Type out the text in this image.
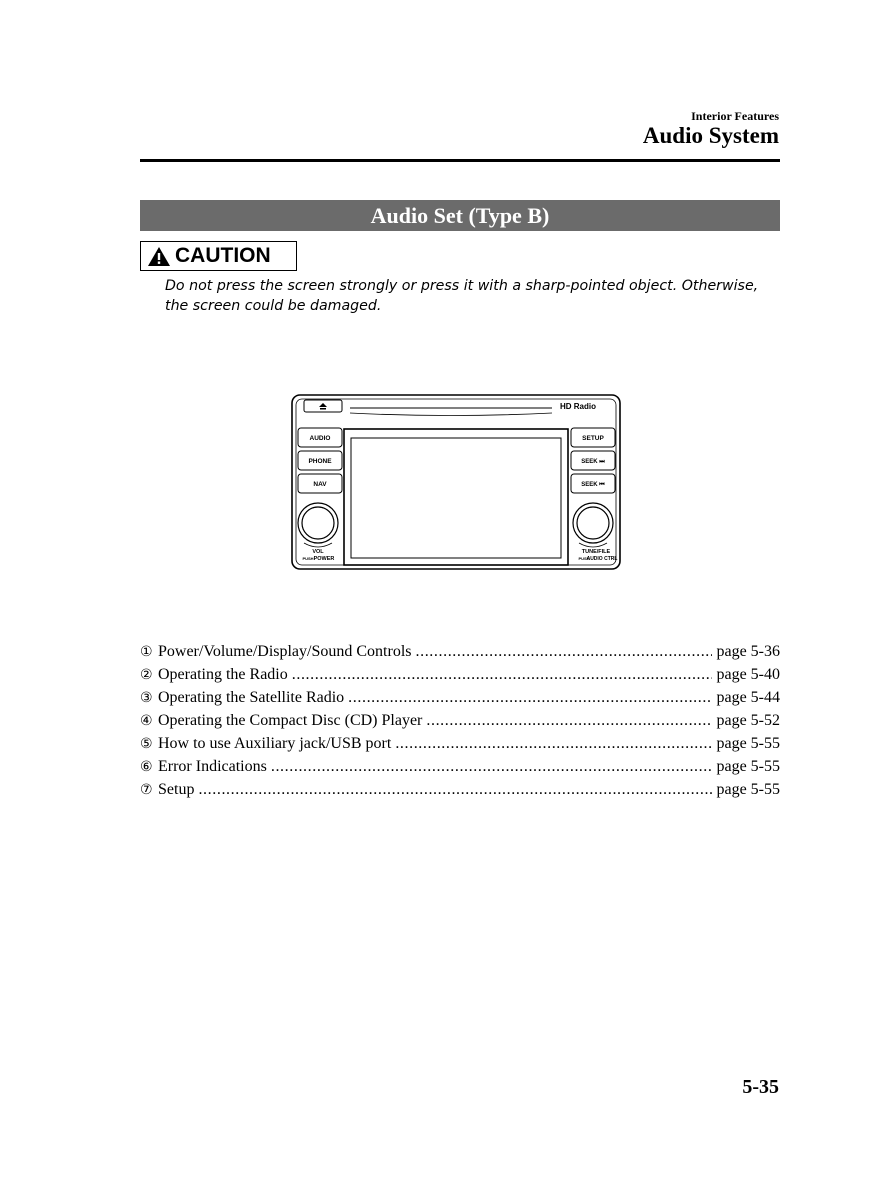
Interior Features
Audio System
Audio Set (Type B)
CAUTION
Do not press the screen strongly or press it with a sharp-pointed object. Otherwise, the screen could be damaged.
HD Radio
AUDIO
PHONE
NAV
SETUP
SEEK ⏭
SEEK ⏮
VOL
PUSH POWER
TUNE/FILE
PUSH
AUDIO CTRL
① Power/Volume/Display/Sound Controls .....	page 5-36
② Operating the Radio .....	page 5-40
③ Operating the Satellite Radio .....	page 5-44
④ Operating the Compact Disc (CD) Player .....	page 5-52
⑤ How to use Auxiliary jack/USB port .....	page 5-55
⑥ Error Indications .....	page 5-55
⑦ Setup .....	page 5-55
5-35
